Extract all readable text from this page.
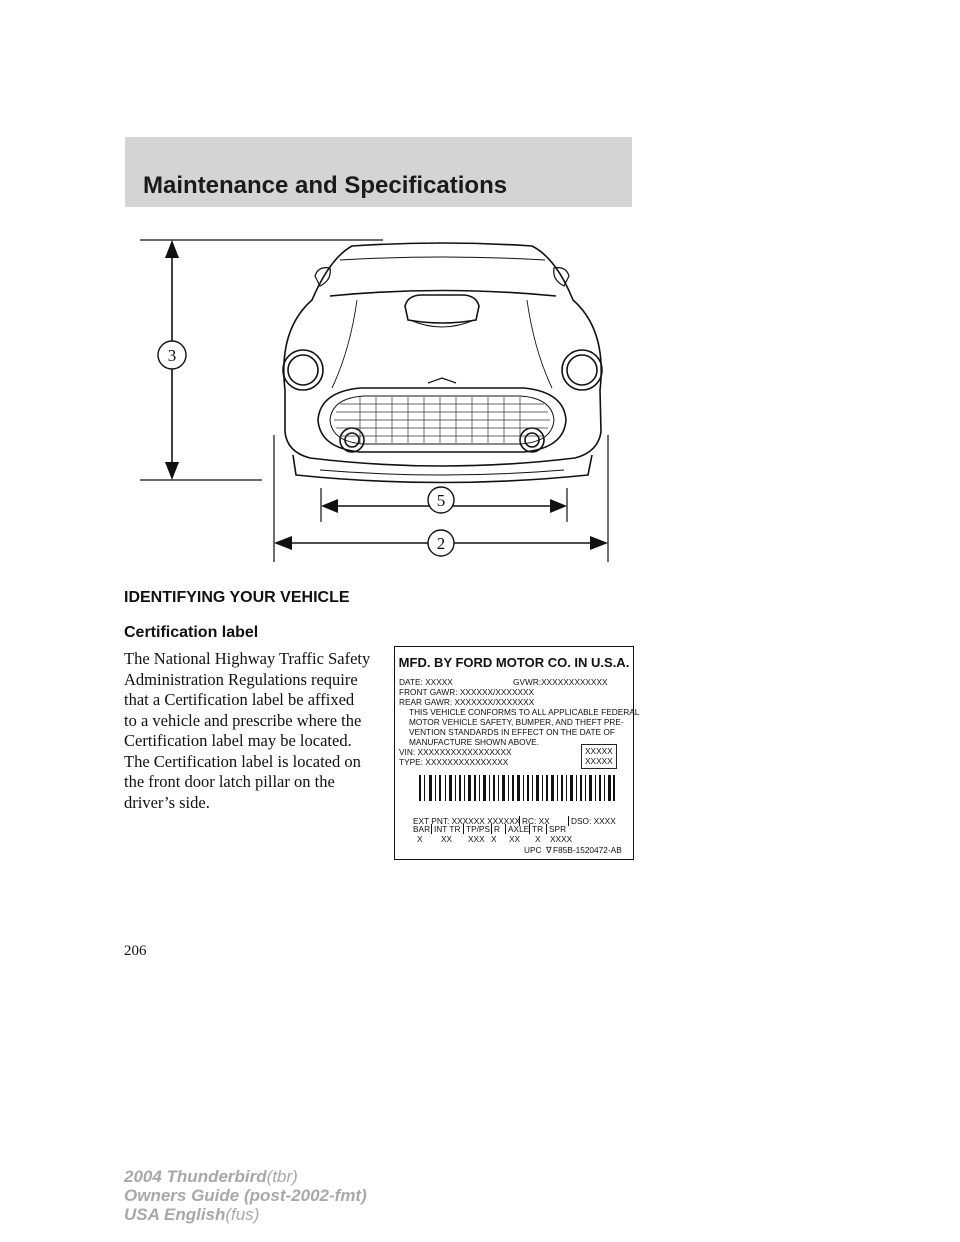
Maintenance and Specifications
3
5
2
IDENTIFYING YOUR VEHICLE
Certification label
The National Highway Traffic Safety
Administration Regulations require
that a Certification label be affixed
to a vehicle and prescribe where the
Certification label may be located.
The Certification label is located on
the front door latch pillar on the
driver’s side.
MFD. BY FORD MOTOR CO. IN U.S.A.
DATE: XXXXX	GVWR:XXXXXXXXXXXX
FRONT GAWR: XXXXXX/XXXXXXX
REAR GAWR: XXXXXXX/XXXXXXX
THIS VEHICLE CONFORMS TO ALL APPLICABLE FEDERAL
MOTOR VEHICLE SAFETY, BUMPER, AND THEFT PRE-
VENTION STANDARDS IN EFFECT ON THE DATE OF
MANUFACTURE SHOWN ABOVE.
VIN: XXXXXXXXXXXXXXXXX
TYPE: XXXXXXXXXXXXXXX
XXXXX
XXXXX
EXT PNT: XXXXXX XXXXXX RC: XX	DSO: XXXX
BAR
X
INT TR
XX
TP/PS
XXX
R
X
AXLE
XX
TR
X
SPR
XXXX
UPC ∇ F85B-1520472-AB
206
2004 Thunderbird(tbr)
Owners Guide (post-2002-fmt)
USA English(fus)
